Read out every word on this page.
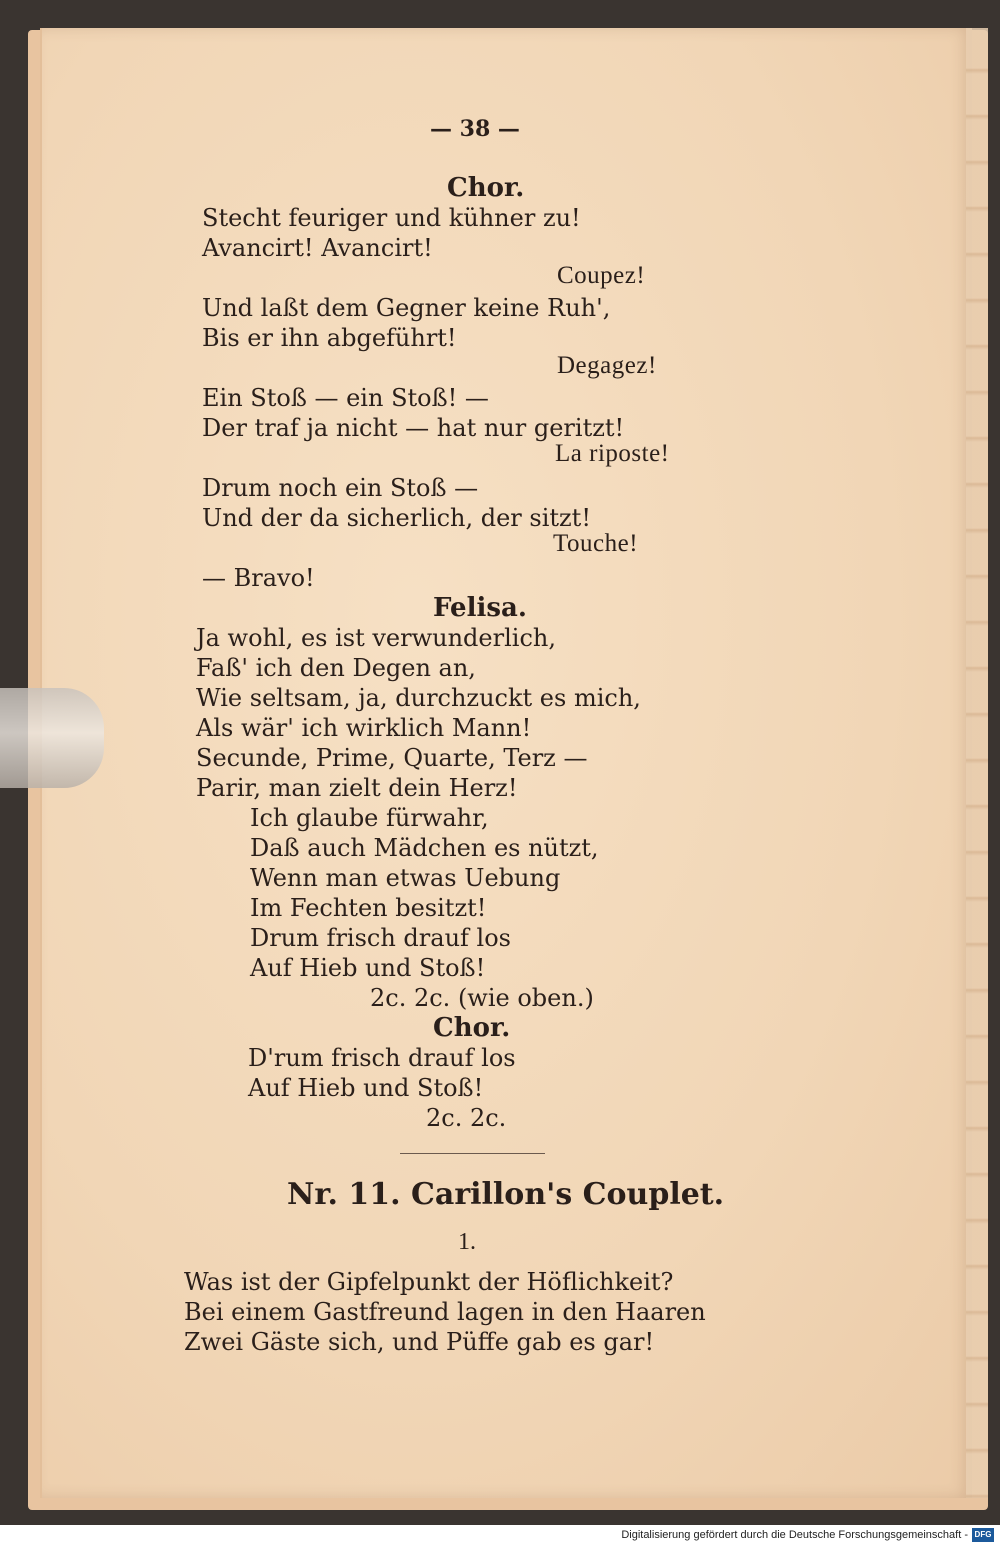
— 38 —

Chor.

Stecht feuriger und kühner zu!

Avancirt! Avancirt!

Coupez!

Und laßt dem Gegner keine Ruh',

Bis er ihn abgeführt!

Degagez!

Ein Stoß — ein Stoß! —

Der traf ja nicht — hat nur geritzt!

La riposte!

Drum noch ein Stoß —

Und der da sicherlich, der sitzt!

Touche!

— Bravo!

Felisa.

Ja wohl, es ist verwunderlich,

Faß' ich den Degen an,

Wie seltsam, ja, durchzuckt es mich,

Als wär' ich wirklich Mann!

Secunde, Prime, Quarte, Terz —

Parir, man zielt dein Herz!

Ich glaube fürwahr,

Daß auch Mädchen es nützt,

Wenn man etwas Uebung

Im Fechten besitzt!

Drum frisch drauf los

Auf Hieb und Stoß!

2c. 2c. (wie oben.)

Chor.

D'rum frisch drauf los

Auf Hieb und Stoß!

2c. 2c.

Nr. 11. Carillon's Couplet.

1.

Was ist der Gipfelpunkt der Höflichkeit?

Bei einem Gastfreund lagen in den Haaren

Zwei Gäste sich, und Püffe gab es gar!

Digitalisierung gefördert durch die Deutsche Forschungsgemeinschaft - DFG
